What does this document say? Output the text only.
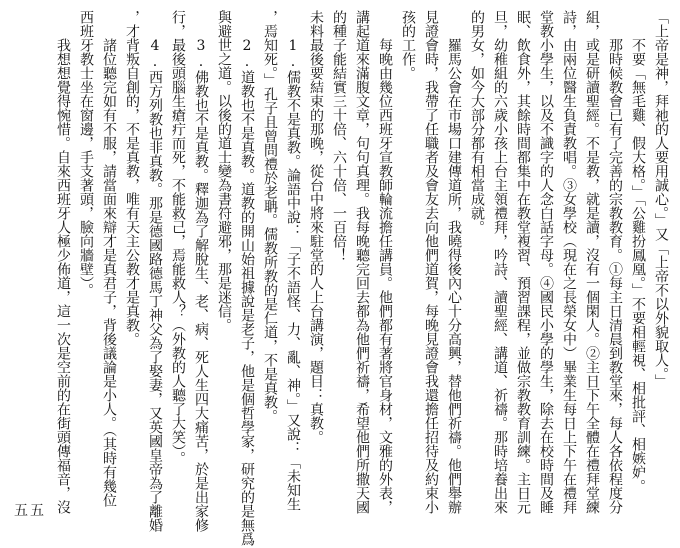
「上帝是神，拜祂的人要用誠心。」又「上帝不以外貌取人。」
不要「無毛雞、假大格。」「公雞扮鳳凰。」不要相輕視、相批評、相嫉妒。
那時候教會已有了完善的宗教教育。①每主日清晨到教堂來，每人各依程度分
組，或是研讀聖經。不是教，就是讀，沒有一個閑人。②主日下午全體在禮拜堂練
詩，由兩位醫生負責教唱。③女學校（現在之長榮女中）畢業生每日上下午在禮拜
堂教小學生，以及不識字的人念白話字母。④國民小學的學生，除去在校時間及睡
眠、飲食外，其餘時間都集中在教堂複習、預習課程，並做宗教教育訓練。主日元
旦，幼稚組的六歲小孩上台主領禮拜，吟詩、讀聖經、講道、祈禱。那時培養出來
的男女，如今大部分都有相當成就。
羅馬公會在市場口建傳道所，我曉得後內心十分高興，替他們祈禱。他們舉辦
見證會時，我帶了任職者及會友去向他們道賀，每晚見證會我還擔任招待及約束小
孩的工作。
每晚由幾位西班牙宣教師輪流擔任講員。他們都有著將官身材，文雅的外表，
講起道來滿腹文章，句句真理。我每晚聽完回去都為他們祈禱，希望他們所撒天國
的種子能結實三十倍、六十倍、一百倍！
未料最後要結束的那晚，從台中將來駐堂的人上台講演，題目：真教。
1.儒教不是真教。論語中說：「子不語怪、力、亂、神。」又說：「未知生
，焉知死。」孔子且曾問禮於老聃。儒教所教的是仁道，不是真教。
2.道教也不是真教。道教的開山始祖據說是老子，他是個哲學家，研究的是無爲
與避世之道。以後的道士變為書符避邪，那是迷信。
3.佛教也不是真教。釋迦為了解脫生、老、病、死人生四大痛苦，於是出家修
行，最後頭腦生瘡疔而死，不能救己，焉能救人？（外教的人聽了大笑）。
4.西方列教也非真教。那是德國路德馬丁神父為了娶妻，又英國皇帝為了離婚
，才背叛自創的，不是真教，唯有天主公教才是真教。
諸位聽完如有不服，請當面來辯才是真君子，背後議論是小人。（其時有幾位
西班牙教士坐在窗邊，手支著頭，臉向牆壁）。
我想想覺得惋惜。自來西班牙人極少佈道，這一次是空前的在街頭傳福音，沒
五五
